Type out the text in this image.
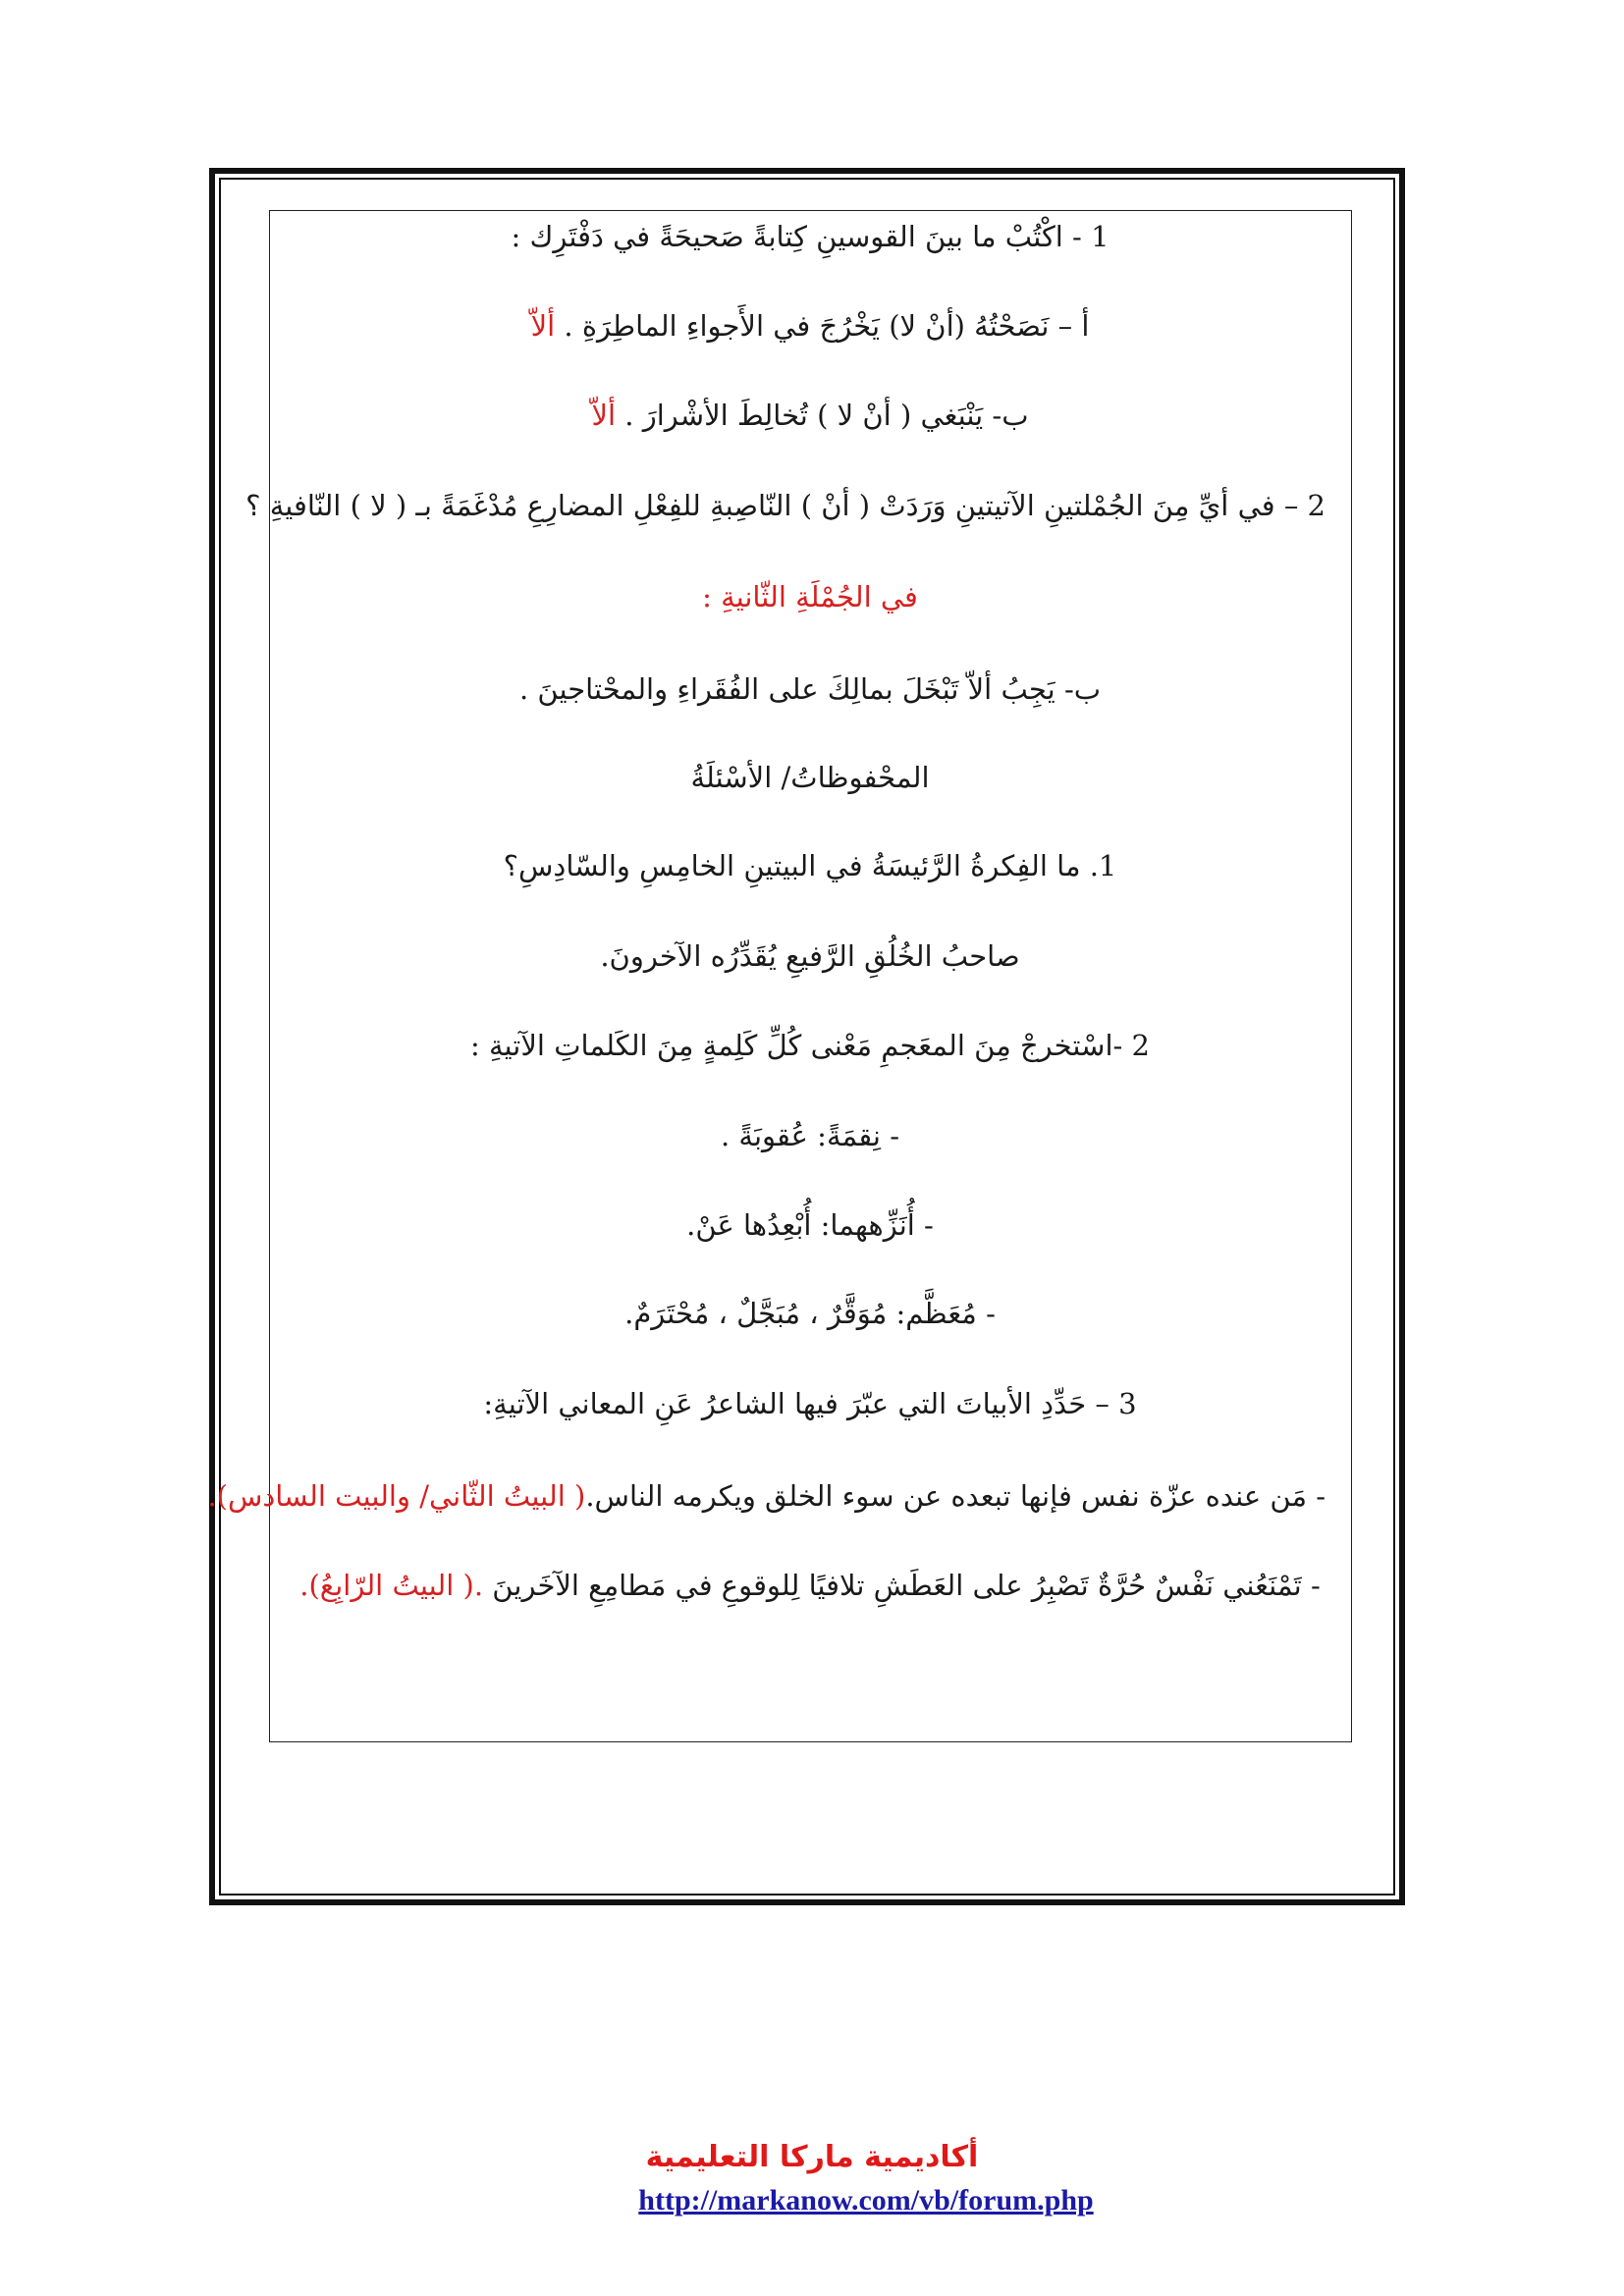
1 - اكْتُبْ ما بينَ القوسينِ كِتابةً صَحيحَةً في دَفْتَرِك :
أ – نَصَحْتُهُ (أنْ لا) يَخْرُجَ في الأَجواءِ الماطِرَةِ . ألاّ
ب- يَنْبَغي ( أنْ لا ) تُخالِطَ الأشْرارَ . ألاّ
2 – في أيِّ مِنَ الجُمْلتينِ الآتيتينِ وَرَدَتْ ( أنْ ) النّاصِبةِ للفِعْلِ المضارِعِ مُدْغَمَةً بـ ( لا ) النّافيةِ ؟
في الجُمْلَةِ الثّانيةِ :
ب- يَجِبُ ألاّ تَبْخَلَ بمالِكَ على الفُقَراءِ والمحْتاجينَ .
المحْفوظاتُ/ الأسْئلَةُ
1. ما الفِكرةُ الرَّئيسَةُ في البيتينِ الخامِسِ والسّادِسِ؟
صاحبُ الخُلُقِ الرَّفيعِ يُقَدِّرُه الآخرونَ.
2 -اسْتخرجْ مِنَ المعَجمِ مَعْنى كُلِّ كَلِمةٍ مِنَ الكَلماتِ الآتيةِ :
- نِقمَةً: عُقوبَةً .
- أُنَزِّههما: أُبْعِدُها عَنْ.
- مُعَظَّم: مُوَقَّرٌ ، مُبَجَّلٌ ، مُحْتَرَمٌ.
3 – حَدِّدِ الأبياتَ التي عبّرَ فيها الشاعرُ عَنِ المعاني الآتيةِ:
- مَن عنده عزّة نفس فإنها تبعده عن سوء الخلق ويكرمه الناس.( البيتُ الثّاني/ والبيت السادس).
- تَمْنَعُني نَفْسٌ حُرَّةٌ تَصْبِرُ على العَطَشِ تلافيًا لِلوقوعِ في مَطامِعِ الآخَرينَ .( البيتُ الرّابِعُ).
أكاديمية ماركا التعليمية
http://markanow.com/vb/forum.php
